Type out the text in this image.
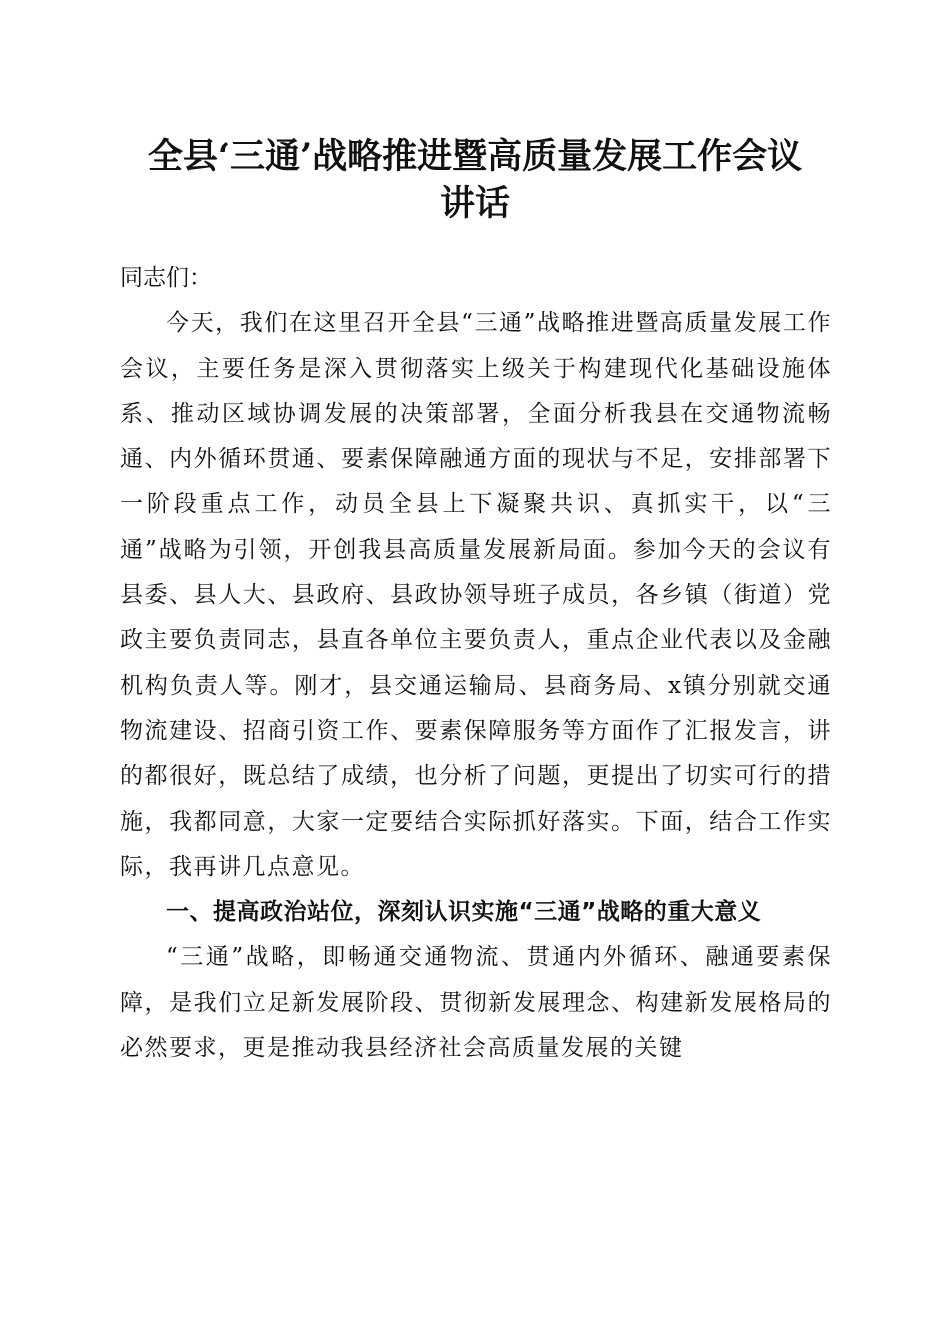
全县‘三通’战略推进暨高质量发展工作会议
讲话

同志们：

今天，我们在这里召开全县“三通”战略推进暨高质量发展工作会议，主要任务是深入贯彻落实上级关于构建现代化基础设施体系、推动区域协调发展的决策部署，全面分析我县在交通物流畅通、内外循环贯通、要素保障融通方面的现状与不足，安排部署下一阶段重点工作，动员全县上下凝聚共识、真抓实干，以“三通”战略为引领，开创我县高质量发展新局面。参加今天的会议有县委、县人大、县政府、县政协领导班子成员，各乡镇（街道）党政主要负责同志，县直各单位主要负责人，重点企业代表以及金融机构负责人等。刚才，县交通运输局、县商务局、x镇分别就交通物流建设、招商引资工作、要素保障服务等方面作了汇报发言，讲的都很好，既总结了成绩，也分析了问题，更提出了切实可行的措施，我都同意，大家一定要结合实际抓好落实。下面，结合工作实际，我再讲几点意见。

一、提高政治站位，深刻认识实施“三通”战略的重大意义

“三通”战略，即畅通交通物流、贯通内外循环、融通要素保障，是我们立足新发展阶段、贯彻新发展理念、构建新发展格局的必然要求，更是推动我县经济社会高质量发展的关键
